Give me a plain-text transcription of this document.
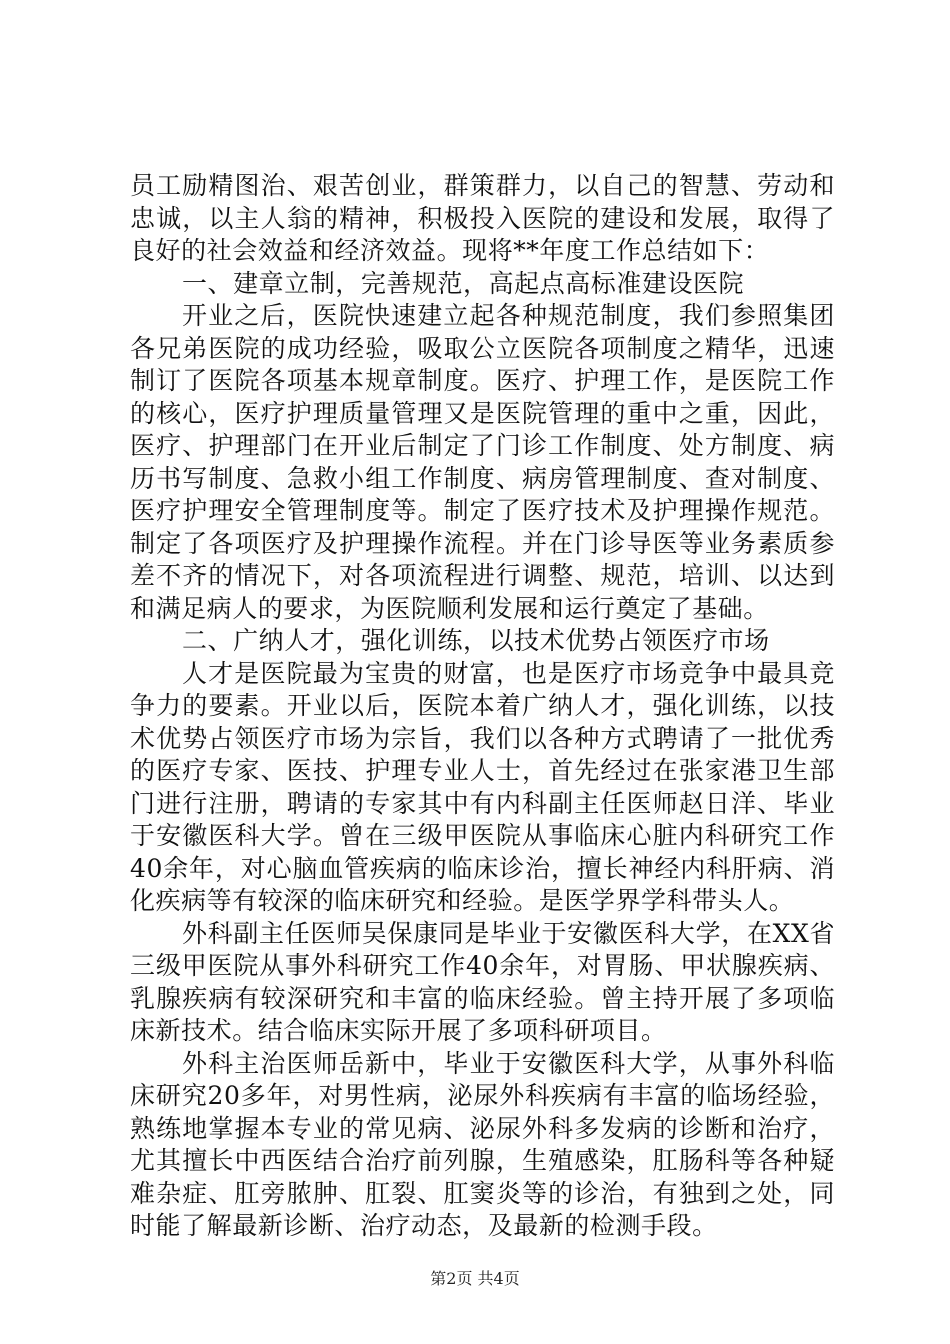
员工励精图治、艰苦创业，群策群力，以自己的智慧、劳动和忠诚，以主人翁的精神，积极投入医院的建设和发展，取得了良好的社会效益和经济效益。现将**年度工作总结如下：

一、建章立制，完善规范，高起点高标准建设医院

开业之后，医院快速建立起各种规范制度，我们参照集团各兄弟医院的成功经验，吸取公立医院各项制度之精华，迅速制订了医院各项基本规章制度。医疗、护理工作，是医院工作的核心，医疗护理质量管理又是医院管理的重中之重，因此，医疗、护理部门在开业后制定了门诊工作制度、处方制度、病历书写制度、急救小组工作制度、病房管理制度、查对制度、医疗护理安全管理制度等。制定了医疗技术及护理操作规范。制定了各项医疗及护理操作流程。并在门诊导医等业务素质参差不齐的情况下，对各项流程进行调整、规范，培训、以达到和满足病人的要求，为医院顺利发展和运行奠定了基础。

二、广纳人才，强化训练，以技术优势占领医疗市场

人才是医院最为宝贵的财富，也是医疗市场竞争中最具竞争力的要素。开业以后，医院本着广纳人才，强化训练，以技术优势占领医疗市场为宗旨，我们以各种方式聘请了一批优秀的医疗专家、医技、护理专业人士，首先经过在张家港卫生部门进行注册，聘请的专家其中有内科副主任医师赵日洋、毕业于安徽医科大学。曾在三级甲医院从事临床心脏内科研究工作40余年，对心脑血管疾病的临床诊治，擅长神经内科肝病、消化疾病等有较深的临床研究和经验。是医学界学科带头人。

外科副主任医师吴保康同是毕业于安徽医科大学，在XX省三级甲医院从事外科研究工作40余年，对胃肠、甲状腺疾病、乳腺疾病有较深研究和丰富的临床经验。曾主持开展了多项临床新技术。结合临床实际开展了多项科研项目。

外科主治医师岳新中，毕业于安徽医科大学，从事外科临床研究20多年，对男性病，泌尿外科疾病有丰富的临场经验，熟练地掌握本专业的常见病、泌尿外科多发病的诊断和治疗，尤其擅长中西医结合治疗前列腺，生殖感染，肛肠科等各种疑难杂症、肛旁脓肿、肛裂、肛窦炎等的诊治，有独到之处，同时能了解最新诊断、治疗动态，及最新的检测手段。

第2页 共4页
